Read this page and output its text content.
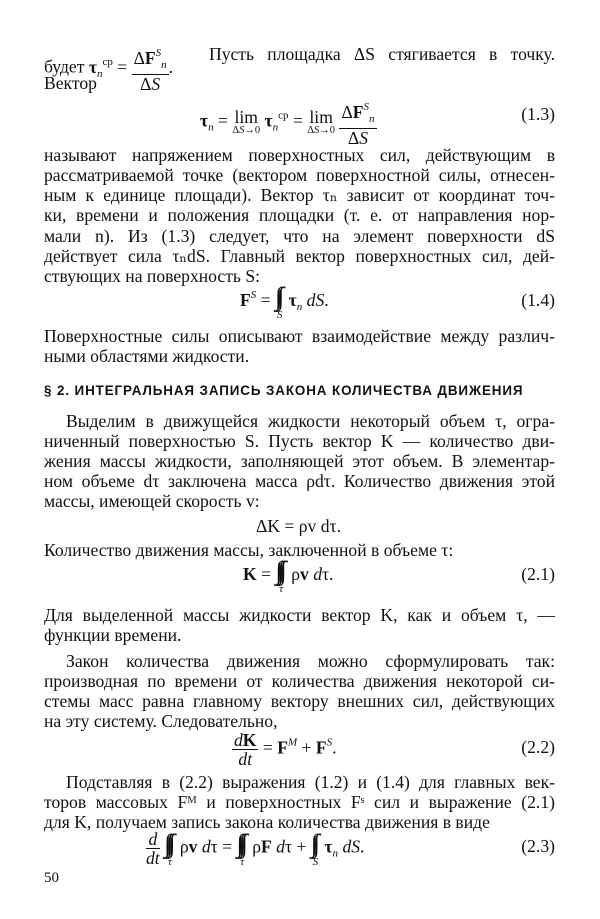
будет $\tau_n^{cp} = \frac{\Delta F^S_n}{\Delta S}$ .
Пусть площадка ΔS стягивается в точку.
Вектор
$\tau_n = \lim$
ΔS→0 $\tau_n^{cp} = \lim$
ΔS→0
$\frac{\Delta F^S_n}{\Delta S}$	(1.3)
называют напряжением поверхностных сил, действующим в
рассматриваемой точке (вектором поверхностной силы, отнесен-
ным к единице площади). Вектор τₙ зависит от координат точ-
ки, времени и положения площадки (т. е. от направления нор-
мали n). Из (1.3) следует, что на элемент поверхности dS
действует сила τₙdS. Главный вектор поверхностных сил, дей-
ствующих на поверхность S:
$F^S$ = ∫∫
S
$\tau_n$ dS.	(1.4)
Поверхностные силы описывают взаимодействие между различ-
ными областями жидкости.
§ 2. ИНТЕГРАЛЬНАЯ ЗАПИСЬ ЗАКОНА КОЛИЧЕСТВА ДВИЖЕНИЯ
Выделим в движущейся жидкости некоторый объем τ, огра-
ниченный поверхностью S. Пусть вектор K — количество дви-
жения массы жидкости, заполняющей этот объем. В элементар-
ном объеме dτ заключена масса ρdτ. Количество движения этой
массы, имеющей скорость v:
ΔK = ρv dτ.
Количество движения массы, заключенной в объеме τ:
K = ∫∫∫
τ
ρv dτ.	(2.1)
Для выделенной массы жидкости вектор K, как и объем τ, —
функции времени.
Закон количества движения можно сформулировать так:
производная по времени от количества движения некоторой си-
стемы масс равна главному вектору внешних сил, действующих
на эту систему. Следовательно,
$\frac{dK}{dt} = F^M + F^S$.	(2.2)
Подставляя в (2.2) выражения (1.2) и (1.4) для главных век-
торов массовых Fᴹ и поверхностных Fˢ сил и выражение (2.1)
для K, получаем запись закона количества движения в виде
$\frac{d}{dt}$
∫∫∫
τ
ρv dτ = ∫∫∫
τ
ρF dτ + ∫∫
S
$\tau_n$ dS.	(2.3)
50
